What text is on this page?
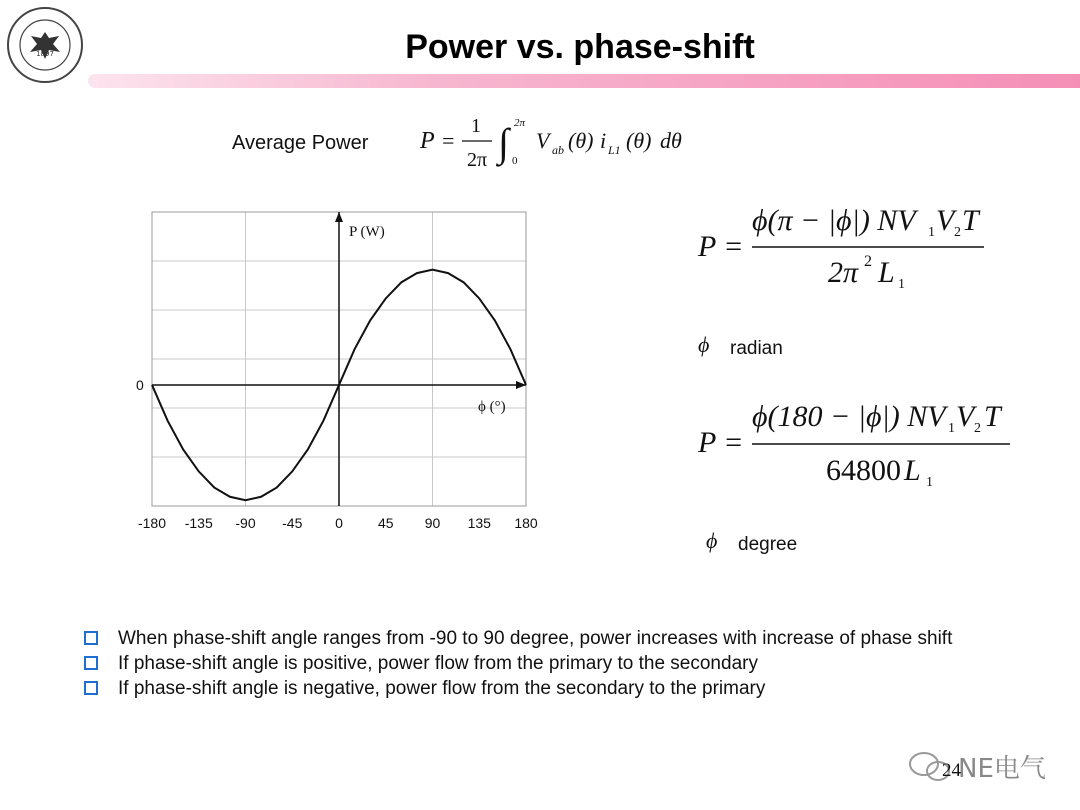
1897	Power vs. phase-shift
Average Power P =
1
2π ∫ 2π
0
V ab (θ) i L1 (θ) dθ
-180 -135 -90 -45 0	45 90 135 180
P (W)
ϕ (°)
0
P =
ϕ(π − |ϕ|) NV 1 V 2 T
2π 2 L 1
ϕ radian
P =
ϕ(180 − |ϕ|) NV 1 V 2 T
64800 L 1
ϕ degree
When phase-shift angle ranges from -90 to 90 degree, power increases with increase of phase shift
If phase-shift angle is positive, power flow from the primary to the secondary
If phase-shift angle is negative, power flow from the secondary to the primary
NE电气
24
